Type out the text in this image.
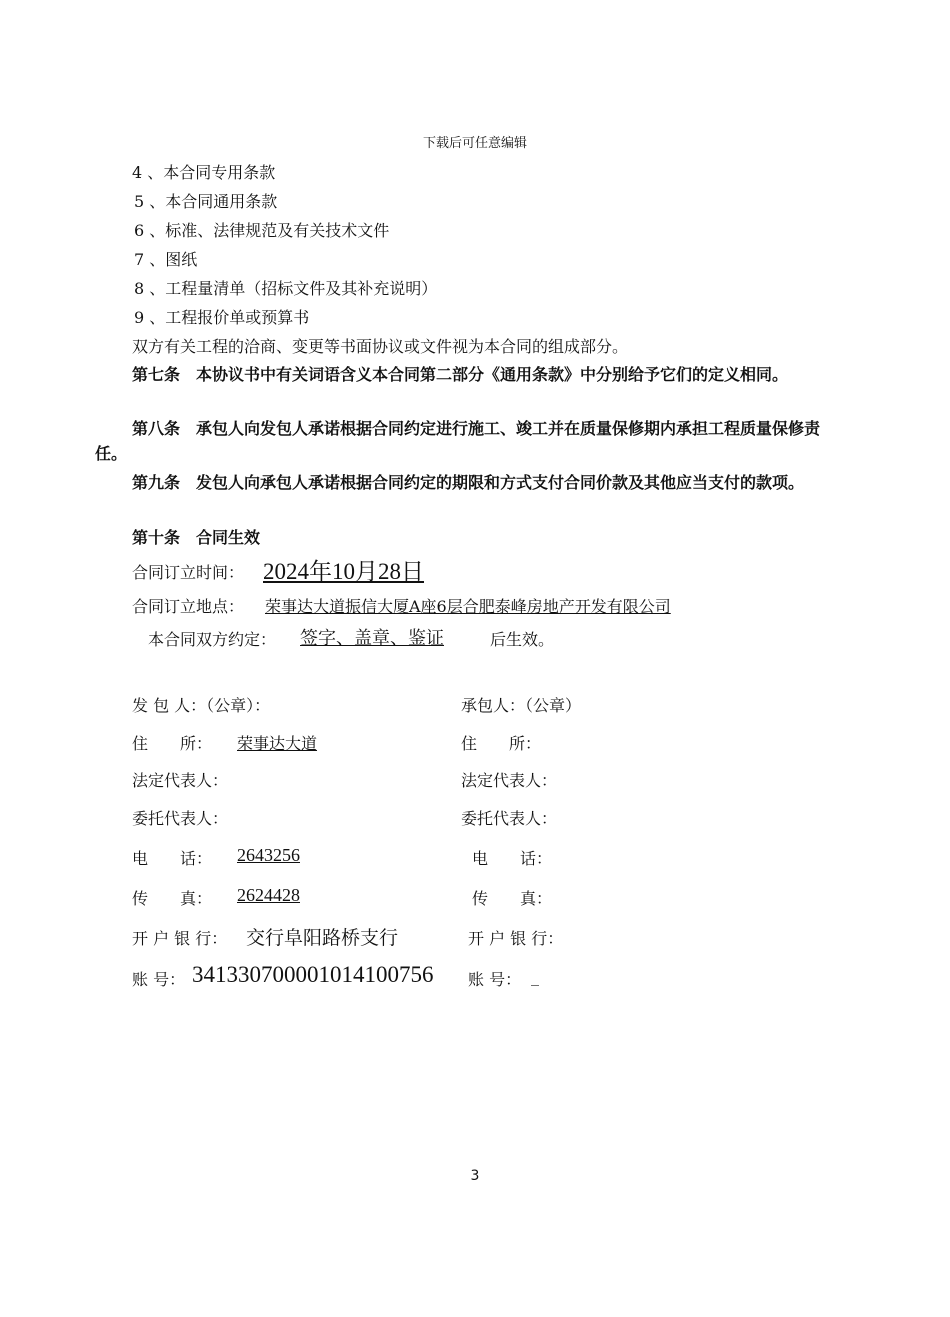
下载后可任意编辑
4 、本合同专用条款
5 、本合同通用条款
6 、标准、法律规范及有关技术文件
7 、图纸
8 、工程量清单（招标文件及其补充说明）
9 、工程报价单或预算书
双方有关工程的洽商、变更等书面协议或文件视为本合同的组成部分。
第七条　本协议书中有关词语含义本合同第二部分《通用条款》中分别给予它们的定义相同。
第八条　承包人向发包人承诺根据合同约定进行施工、竣工并在质量保修期内承担工程质量保修责任。
第九条　发包人向承包人承诺根据合同约定的期限和方式支付合同价款及其他应当支付的款项。
第十条　合同生效
合同订立时间： 2024年10月28日
合同订立地点： 荣事达大道振信大厦A座6层合肥泰峰房地产开发有限公司
本合同双方约定： 签字、盖章、鉴证	后生效。
发 包 人：（公章）：
住　　所： 荣事达大道
法定代表人：
委托代表人：
电　　话： 2643256
传　　真： 2624428
开 户 银 行： 交行阜阳路桥支行
账 号： 341330700001014100756
承包人：（公章）
住　　所：
法定代表人：
委托代表人：
电　　话：
传　　真：
开 户 银 行：
账 号： _
3
